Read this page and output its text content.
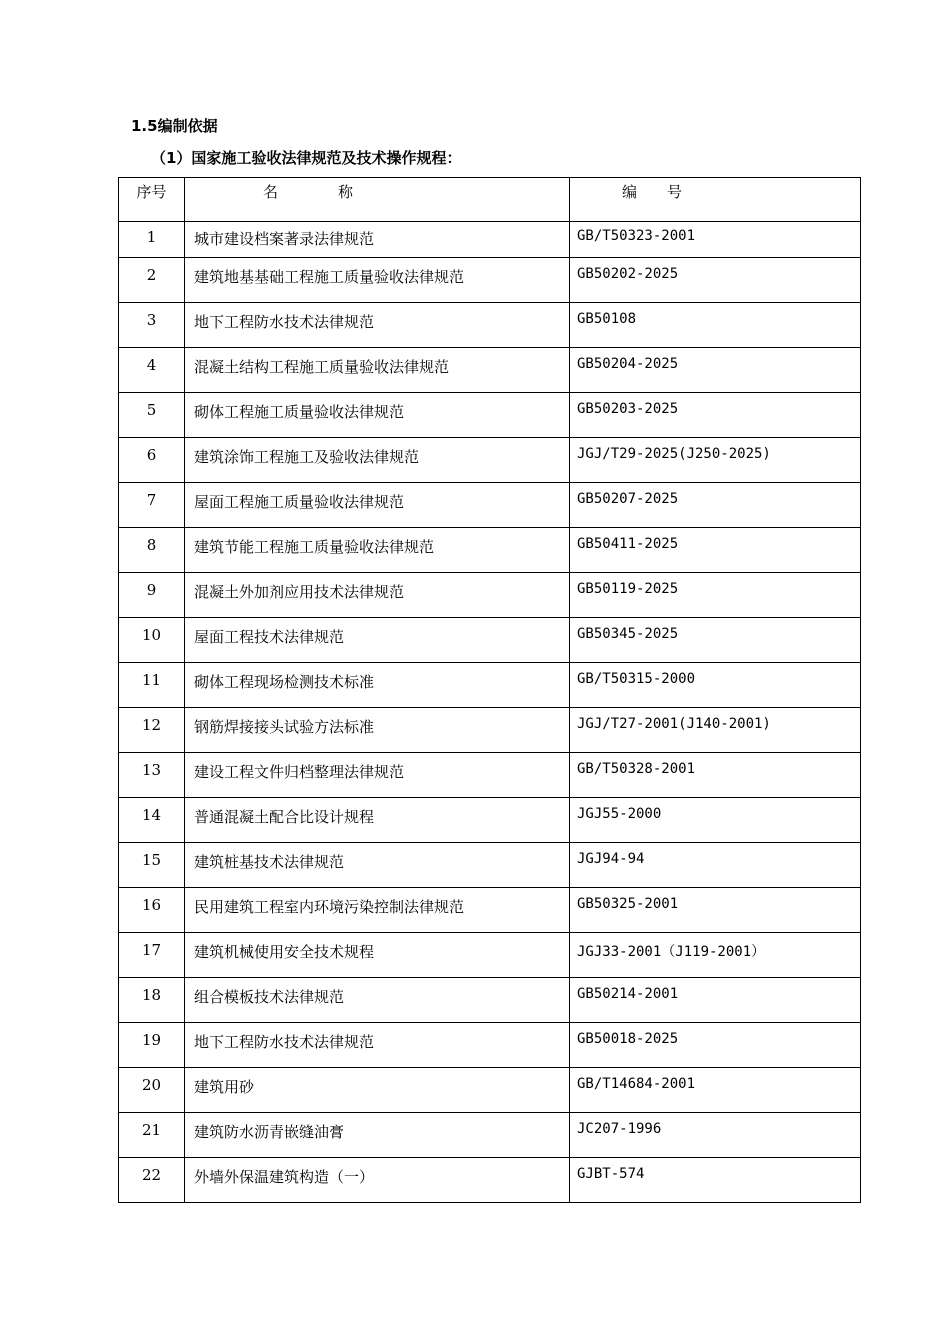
1.5编制依据
（1）国家施工验收法律规范及技术操作规程：
序号	名　　　　称	编　　号
1	城市建设档案著录法律规范	GB/T50323-2001
2	建筑地基基础工程施工质量验收法律规范	GB50202-2025
3	地下工程防水技术法律规范	GB50108
4	混凝土结构工程施工质量验收法律规范	GB50204-2025
5	砌体工程施工质量验收法律规范	GB50203-2025
6	建筑涂饰工程施工及验收法律规范	JGJ/T29-2025(J250-2025)
7	屋面工程施工质量验收法律规范	GB50207-2025
8	建筑节能工程施工质量验收法律规范	GB50411-2025
9	混凝土外加剂应用技术法律规范	GB50119-2025
10	屋面工程技术法律规范	GB50345-2025
11	砌体工程现场检测技术标准	GB/T50315-2000
12	钢筋焊接接头试验方法标准	JGJ/T27-2001(J140-2001)
13	建设工程文件归档整理法律规范	GB/T50328-2001
14	普通混凝土配合比设计规程	JGJ55-2000
15	建筑桩基技术法律规范	JGJ94-94
16	民用建筑工程室内环境污染控制法律规范	GB50325-2001
17	建筑机械使用安全技术规程	JGJ33-2001（J119-2001）
18	组合模板技术法律规范	GB50214-2001
19	地下工程防水技术法律规范	GB50018-2025
20	建筑用砂	GB/T14684-2001
21	建筑防水沥青嵌缝油膏	JC207-1996
22	外墙外保温建筑构造（一）	GJBT-574
